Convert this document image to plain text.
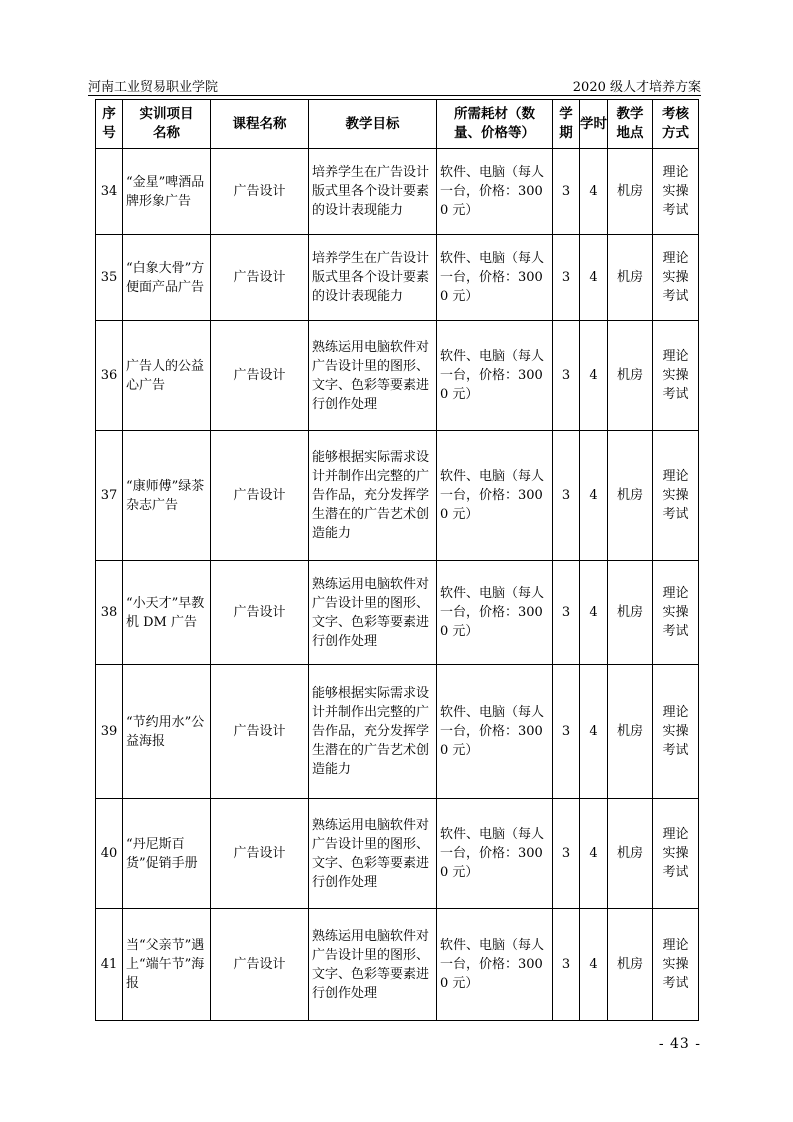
河南工业贸易职业学院	2020 级人才培养方案
序号	实训项目名称	课程名称	教学目标	所需耗材（数量、价格等）	学期	学时	教学地点	考核方式
34	“金星”啤酒品牌形象广告	广告设计	培养学生在广告设计版式里各个设计要素的设计表现能力	软件、电脑（每人一台，价格：3000 元）	3	4	机房	理论实操考试
35	“白象大骨”方便面产品广告	广告设计	培养学生在广告设计版式里各个设计要素的设计表现能力	软件、电脑（每人一台，价格：3000 元）	3	4	机房	理论实操考试
36	广告人的公益心广告	广告设计	熟练运用电脑软件对广告设计里的图形、文字、色彩等要素进行创作处理	软件、电脑（每人一台，价格：3000 元）	3	4	机房	理论实操考试
37	“康师傅”绿茶杂志广告	广告设计	能够根据实际需求设计并制作出完整的广告作品，充分发挥学生潜在的广告艺术创造能力	软件、电脑（每人一台，价格：3000 元）	3	4	机房	理论实操考试
38	“小天才”早教机 DM 广告	广告设计	熟练运用电脑软件对广告设计里的图形、文字、色彩等要素进行创作处理	软件、电脑（每人一台，价格：3000 元）	3	4	机房	理论实操考试
39	“节约用水”公益海报	广告设计	能够根据实际需求设计并制作出完整的广告作品，充分发挥学生潜在的广告艺术创造能力	软件、电脑（每人一台，价格：3000 元）	3	4	机房	理论实操考试
40	“丹尼斯百货”促销手册	广告设计	熟练运用电脑软件对广告设计里的图形、文字、色彩等要素进行创作处理	软件、电脑（每人一台，价格：3000 元）	3	4	机房	理论实操考试
41	当“父亲节”遇上“端午节”海报	广告设计	熟练运用电脑软件对广告设计里的图形、文字、色彩等要素进行创作处理	软件、电脑（每人一台，价格：3000 元）	3	4	机房	理论实操考试
- 43 -
